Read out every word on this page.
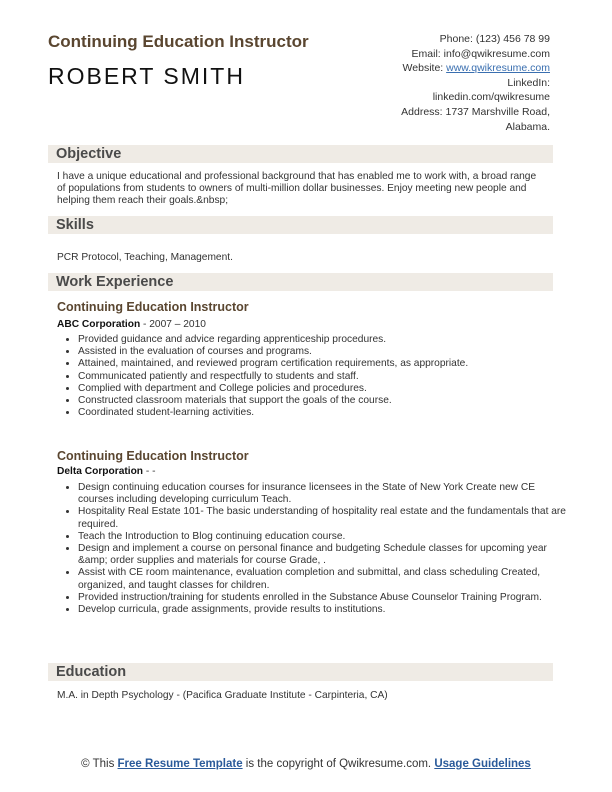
Continuing Education Instructor
ROBERT SMITH
Phone: (123) 456 78 99
Email: info@qwikresume.com
Website: www.qwikresume.com
LinkedIn:
linkedin.com/qwikresume
Address: 1737 Marshville Road,
Alabama.
Objective
I have a unique educational and professional background that has enabled me to work with, a broad range of populations from students to owners of multi-million dollar businesses. Enjoy meeting new people and helping them reach their goals.&nbsp;
Skills
PCR Protocol, Teaching, Management.
Work Experience
Continuing Education Instructor
ABC Corporation - 2007 – 2010
• Provided guidance and advice regarding apprenticeship procedures.
• Assisted in the evaluation of courses and programs.
• Attained, maintained, and reviewed program certification requirements, as appropriate.
• Communicated patiently and respectfully to students and staff.
• Complied with department and College policies and procedures.
• Constructed classroom materials that support the goals of the course.
• Coordinated student-learning activities.
Continuing Education Instructor
Delta Corporation - -
• Design continuing education courses for insurance licensees in the State of New York Create new CE courses including developing curriculum Teach.
• Hospitality Real Estate 101- The basic understanding of hospitality real estate and the fundamentals that are required.
• Teach the Introduction to Blog continuing education course.
• Design and implement a course on personal finance and budgeting Schedule classes for upcoming year &amp; order supplies and materials for course Grade, .
• Assist with CE room maintenance, evaluation completion and submittal, and class scheduling Created, organized, and taught classes for children.
• Provided instruction/training for students enrolled in the Substance Abuse Counselor Training Program.
• Develop curricula, grade assignments, provide results to institutions.
Education
M.A. in Depth Psychology - (Pacifica Graduate Institute - Carpinteria, CA)
© This Free Resume Template is the copyright of Qwikresume.com. Usage Guidelines
